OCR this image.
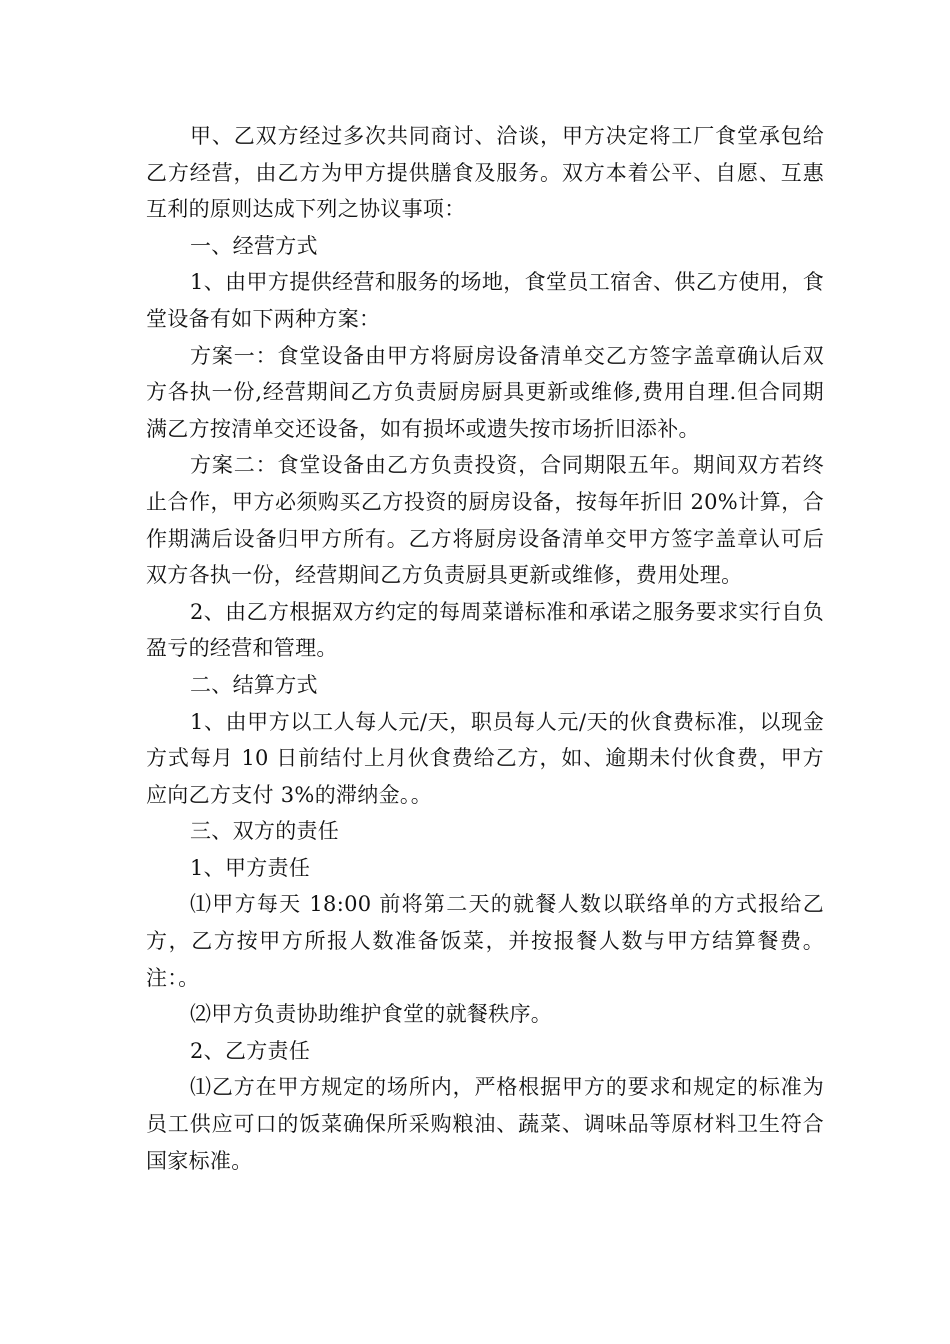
甲、乙双方经过多次共同商讨、洽谈，甲方决定将工厂食堂承包给乙方经营，由乙方为甲方提供膳食及服务。双方本着公平、自愿、互惠互利的原则达成下列之协议事项：

一、经营方式

1、由甲方提供经营和服务的场地，食堂员工宿舍、供乙方使用，食堂设备有如下两种方案：

方案一：食堂设备由甲方将厨房设备清单交乙方签字盖章确认后双方各执一份,经营期间乙方负责厨房厨具更新或维修,费用自理.但合同期满乙方按清单交还设备，如有损坏或遗失按市场折旧添补。

方案二：食堂设备由乙方负责投资，合同期限五年。期间双方若终止合作，甲方必须购买乙方投资的厨房设备，按每年折旧 20%计算，合作期满后设备归甲方所有。乙方将厨房设备清单交甲方签字盖章认可后双方各执一份，经营期间乙方负责厨具更新或维修，费用处理。

2、由乙方根据双方约定的每周菜谱标准和承诺之服务要求实行自负盈亏的经营和管理。

二、结算方式

1、由甲方以工人每人元/天，职员每人元/天的伙食费标准，以现金方式每月 10 日前结付上月伙食费给乙方，如、逾期未付伙食费，甲方应向乙方支付 3%的滞纳金。。

三、双方的责任

1、甲方责任

⑴甲方每天 18:00 前将第二天的就餐人数以联络单的方式报给乙方，乙方按甲方所报人数准备饭菜，并按报餐人数与甲方结算餐费。注：。

⑵甲方负责协助维护食堂的就餐秩序。

2、乙方责任

⑴乙方在甲方规定的场所内，严格根据甲方的要求和规定的标准为员工供应可口的饭菜确保所采购粮油、蔬菜、调味品等原材料卫生符合国家标准。
